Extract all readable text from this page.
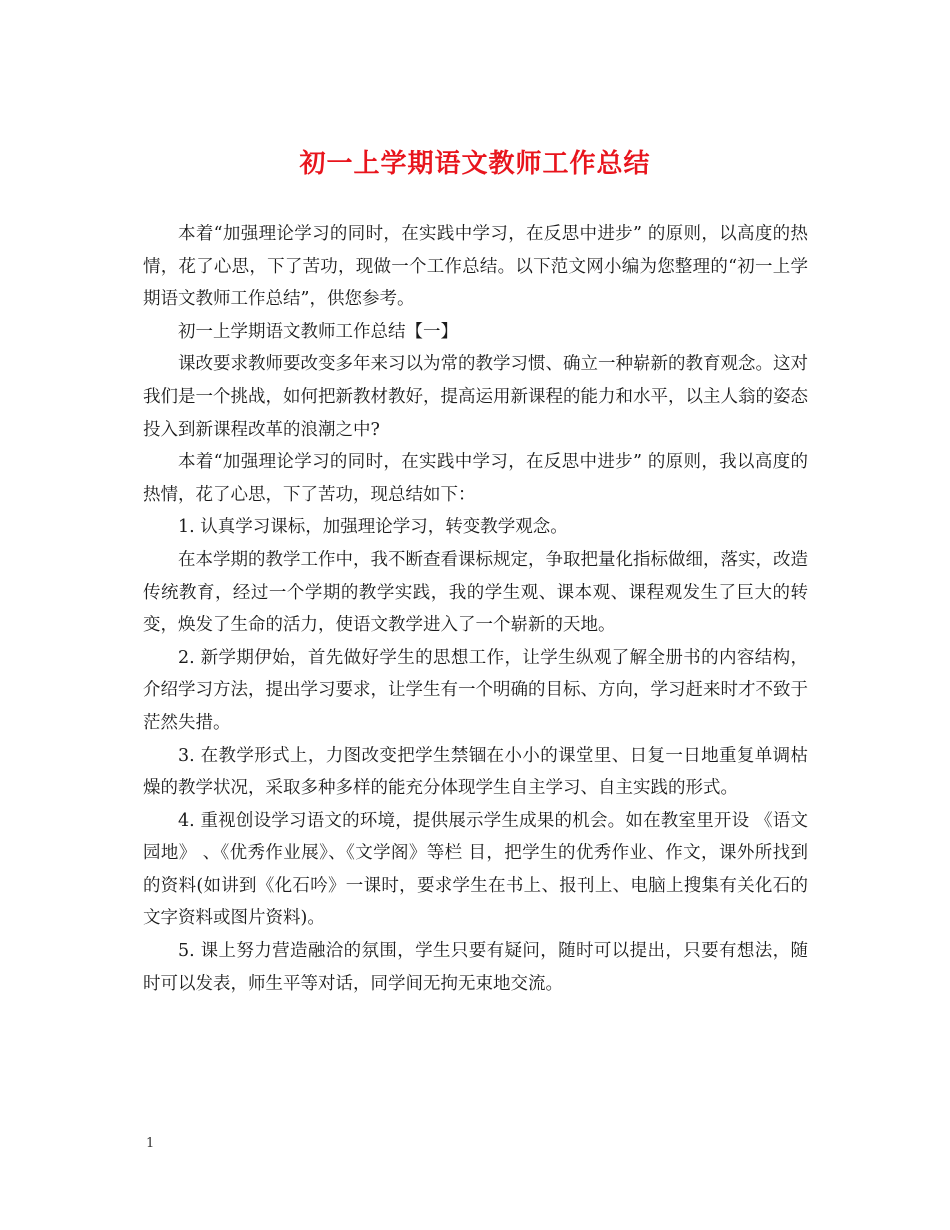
初一上学期语文教师工作总结

本着“加强理论学习的同时，在实践中学习，在反思中进步” 的原则，以高度的热情，花了心思，下了苦功，现做一个工作总结。以下范文网小编为您整理的“初一上学期语文教师工作总结”，供您参考。

初一上学期语文教师工作总结【一】

课改要求教师要改变多年来习以为常的教学习惯、确立一种崭新的教育观念。这对我们是一个挑战，如何把新教材教好，提高运用新课程的能力和水平，以主人翁的姿态投入到新课程改革的浪潮之中?

本着“加强理论学习的同时，在实践中学习，在反思中进步” 的原则，我以高度的热情，花了心思，下了苦功，现总结如下：

1. 认真学习课标，加强理论学习，转变教学观念。

在本学期的教学工作中，我不断查看课标规定，争取把量化指标做细，落实，改造传统教育，经过一个学期的教学实践，我的学生观、课本观、课程观发生了巨大的转变，焕发了生命的活力，使语文教学进入了一个崭新的天地。

2. 新学期伊始，首先做好学生的思想工作，让学生纵观了解全册书的内容结构，介绍学习方法，提出学习要求，让学生有一个明确的目标、方向，学习赶来时才不致于茫然失措。

3. 在教学形式上，力图改变把学生禁锢在小小的课堂里、日复一日地重复单调枯燥的教学状况，采取多种多样的能充分体现学生自主学习、自主实践的形式。

4. 重视创设学习语文的环境，提供展示学生成果的机会。如在教室里开设 《语文园地》 、《优秀作业展》、《文学阁》等栏 目，把学生的优秀作业、作文，课外所找到的资料(如讲到《化石吟》一课时，要求学生在书上、报刊上、电脑上搜集有关化石的文字资料或图片资料)。

5. 课上努力营造融洽的氛围，学生只要有疑问，随时可以提出，只要有想法，随时可以发表，师生平等对话，同学间无拘无束地交流。

1
